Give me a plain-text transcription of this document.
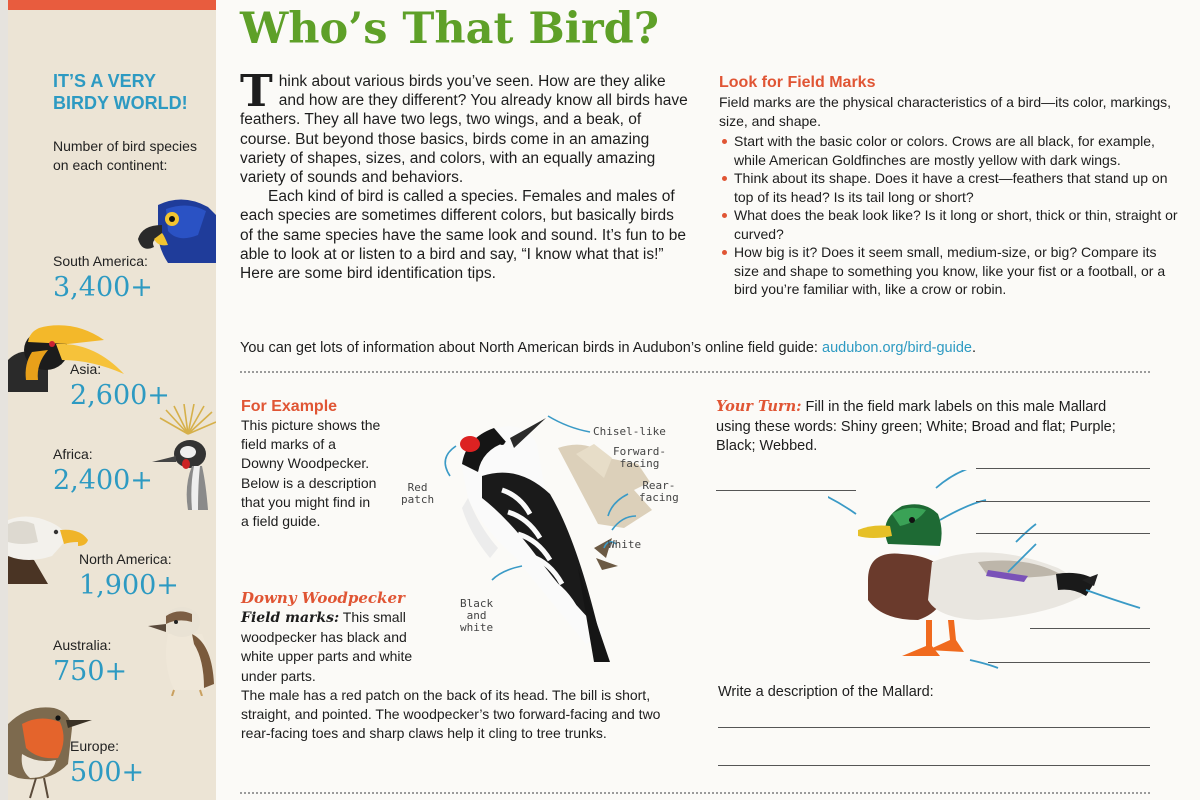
IT’S A VERY BIRDY WORLD!
Number of bird species on each continent:
South America:
3,400+
Asia:
2,600+
Africa:
2,400+
North America:
1,900+
Australia:
750+
Europe:
500+
Who’s That Bird?

Think about various birds you’ve seen. How are they alike and how are they different? You already know all birds have feathers. They all have two legs, two wings, and a beak, of course. But beyond those basics, birds come in an amazing variety of shapes, sizes, and colors, with an equally amazing variety of sounds and behaviors.

Each kind of bird is called a species. Females and males of each species are sometimes different colors, but basically birds of the same species have the same look and sound. It’s fun to be able to look at or listen to a bird and say, “I know what that is!” Here are some bird identification tips.

Look for Field Marks

Field marks are the physical characteristics of a bird—its color, markings, size, and shape.

Start with the basic color or colors. Crows are all black, for example, while American Goldfinches are mostly yellow with dark wings.
Think about its shape. Does it have a crest—feathers that stand up on top of its head? Is its tail long or short?
What does the beak look like? Is it long or short, thick or thin, straight or curved?
How big is it? Does it seem small, medium-size, or big? Compare its size and shape to something you know, like your fist or a football, or a bird you’re familiar with, like a crow or robin.
You can get lots of information about North American birds in Audubon’s online field guide: audubon.org/bird-guide.
For Example
This picture shows the field marks of a Downy Woodpecker. Below is a description that you might find in a field guide.
Chisel-like
Forward-
facing
Red
patch
Rear-
facing
White
Black
and
white
Downy Woodpecker
Field marks: This small woodpecker has black and white upper parts and white under parts.
The male has a red patch on the back of its head. The bill is short, straight, and pointed. The woodpecker’s two forward-facing and two rear-facing toes and sharp claws help it cling to tree trunks.
Your Turn: Fill in the field mark labels on this male Mallard using these words: Shiny green; White; Broad and flat; Purple; Black; Webbed.
Write a description of the Mallard:
